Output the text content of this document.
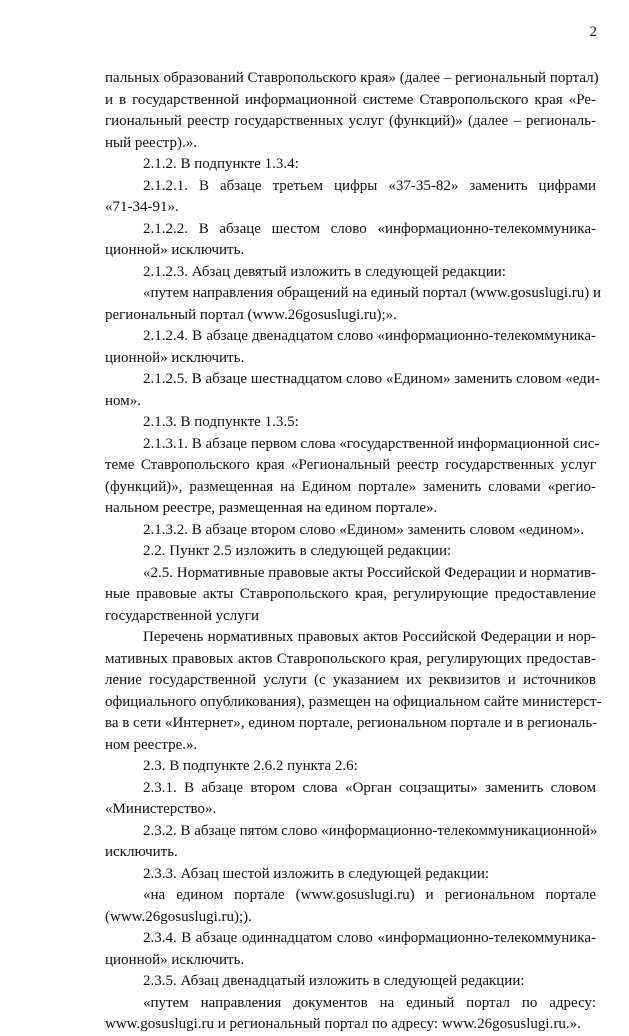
2
пальных образований Ставропольского края» (далее – региональный портал)
и в государственной информационной системе Ставропольского края «Ре-
гиональный реестр государственных услуг (функций)» (далее – региональ-
ный реестр).».
2.1.2. В подпункте 1.3.4:
2.1.2.1. В абзаце третьем цифры «37-35-82» заменить цифрами
«71-34-91».
2.1.2.2. В абзаце шестом слово «информационно-телекоммуника-
ционной» исключить.
2.1.2.3. Абзац девятый изложить в следующей редакции:
«путем направления обращений на единый портал (www.gosuslugi.ru) и
региональный портал (www.26gosuslugi.ru);».
2.1.2.4. В абзаце двенадцатом слово «информационно-телекоммуника-
ционной» исключить.
2.1.2.5. В абзаце шестнадцатом слово «Едином» заменить словом «еди-
ном».
2.1.3. В подпункте 1.3.5:
2.1.3.1. В абзаце первом слова «государственной информационной сис-
теме Ставропольского края «Региональный реестр государственных услуг
(функций)», размещенная на Едином портале» заменить словами «регио-
нальном реестре, размещенная на едином портале».
2.1.3.2. В абзаце втором слово «Едином» заменить словом «едином».
2.2. Пункт 2.5 изложить в следующей редакции:
«2.5. Нормативные правовые акты Российской Федерации и норматив-
ные правовые акты Ставропольского края, регулирующие предоставление
государственной услуги
Перечень нормативных правовых актов Российской Федерации и нор-
мативных правовых актов Ставропольского края, регулирующих предостав-
ление государственной услуги (с указанием их реквизитов и источников
официального опубликования), размещен на официальном сайте министерст-
ва в сети «Интернет», едином портале, региональном портале и в региональ-
ном реестре.».
2.3. В подпункте 2.6.2 пункта 2.6:
2.3.1. В абзаце втором слова «Орган соцзащиты» заменить словом
«Министерство».
2.3.2. В абзаце пятом слово «информационно-телекоммуникационной»
исключить.
2.3.3. Абзац шестой изложить в следующей редакции:
«на едином портале (www.gosuslugi.ru) и региональном портале
(www.26gosuslugi.ru);).
2.3.4. В абзаце одиннадцатом слово «информационно-телекоммуника-
ционной» исключить.
2.3.5. Абзац двенадцатый изложить в следующей редакции:
«путем направления документов на единый портал по адресу:
www.gosuslugi.ru и региональный портал по адресу: www.26gosuslugi.ru.».
